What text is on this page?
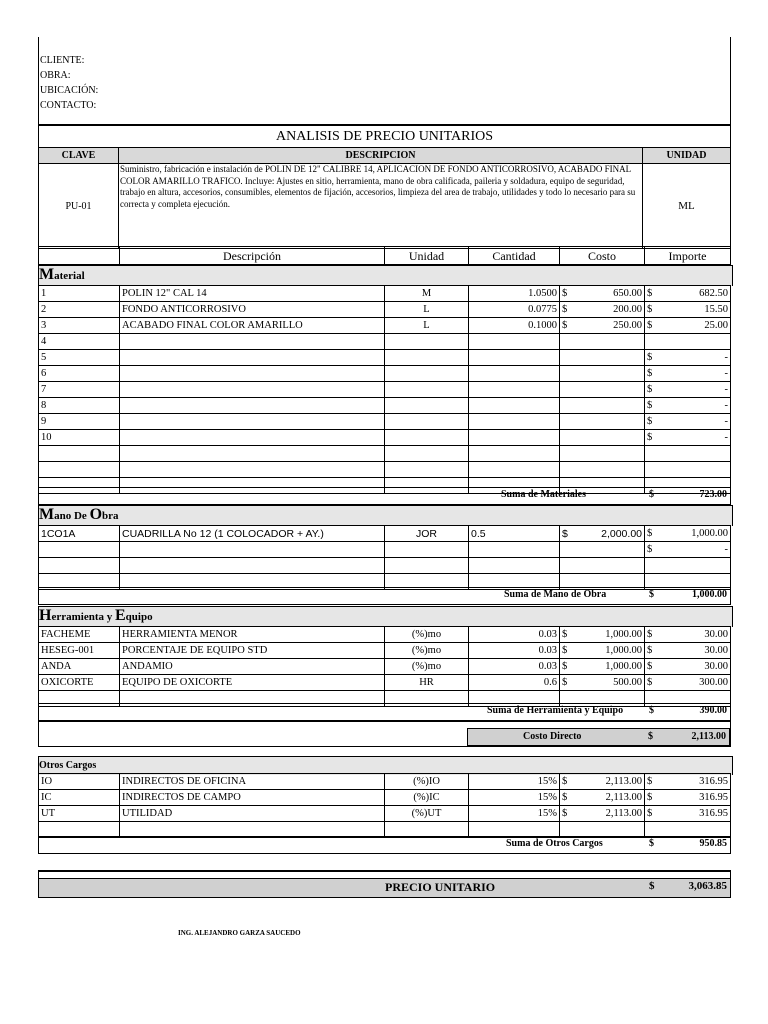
CLIENTE:
OBRA:
UBICACIÓN:
CONTACTO:
ANALISIS DE PRECIO UNITARIOS
CLAVE	DESCRIPCION	UNIDAD
PU-01
Suministro, fabricación e instalación de POLIN DE 12" CALIBRE 14, APLICACION DE FONDO ANTICORROSIVO, ACABADO FINAL COLOR AMARILLO TRAFICO. Incluye: Ajustes en sitio, herramienta, mano de obra calificada, paileria y soldadura, equipo de seguridad, trabajo en altura, accesorios, consumibles, elementos de fijación, accesorios, limpieza del area de trabajo, utilidades y todo lo necesario para su correcta y completa ejecución.	ML
	Descripción	Unidad	Cantidad	Costo	Importe
Material
1	POLIN 12" CAL 14	M	1.0500	$ 650.00	$ 682.50

2	FONDO ANTICORROSIVO	L	0.0775	$ 200.00	$ 15.50

3	ACABADO FINAL COLOR AMARILLO	L	0.1000	$ 250.00	$ 25.00

4				

5					$ -

6					$ -

7					$ -

8					$ -

9					$ -

10					$ -

Suma de Materiales	$	723.00
Mano De Obra
1CO1A	CUADRILLA No 12 (1 COLOCADOR + AY.)	JOR	0.5	$ 2,000.00	$ 1,000.00

					$ -

Suma de Mano de Obra	$	1,000.00
Herramienta y Equipo
FACHEME	HERRAMIENTA MENOR	(%)mo	0.03	$ 1,000.00	$ 30.00

HESEG-001	PORCENTAJE DE EQUIPO STD	(%)mo	0.03	$ 1,000.00	$ 30.00

ANDA	ANDAMIO	(%)mo	0.03	$ 1,000.00	$ 30.00

OXICORTE	EQUIPO DE OXICORTE	HR	0.6	$ 500.00	$ 300.00

Suma de Herramienta y Equipo	$	390.00
Costo Directo	$	2,113.00
Otros Cargos
IO	INDIRECTOS DE OFICINA	(%)IO	15%	$ 2,113.00	$ 316.95

IC	INDIRECTOS DE CAMPO	(%)IC	15%	$ 2,113.00	$ 316.95

UT	UTILIDAD	(%)UT	15%	$ 2,113.00	$ 316.95

Suma de Otros Cargos	$	950.85
PRECIO UNITARIO	$	3,063.85
ING. ALEJANDRO GARZA SAUCEDO
